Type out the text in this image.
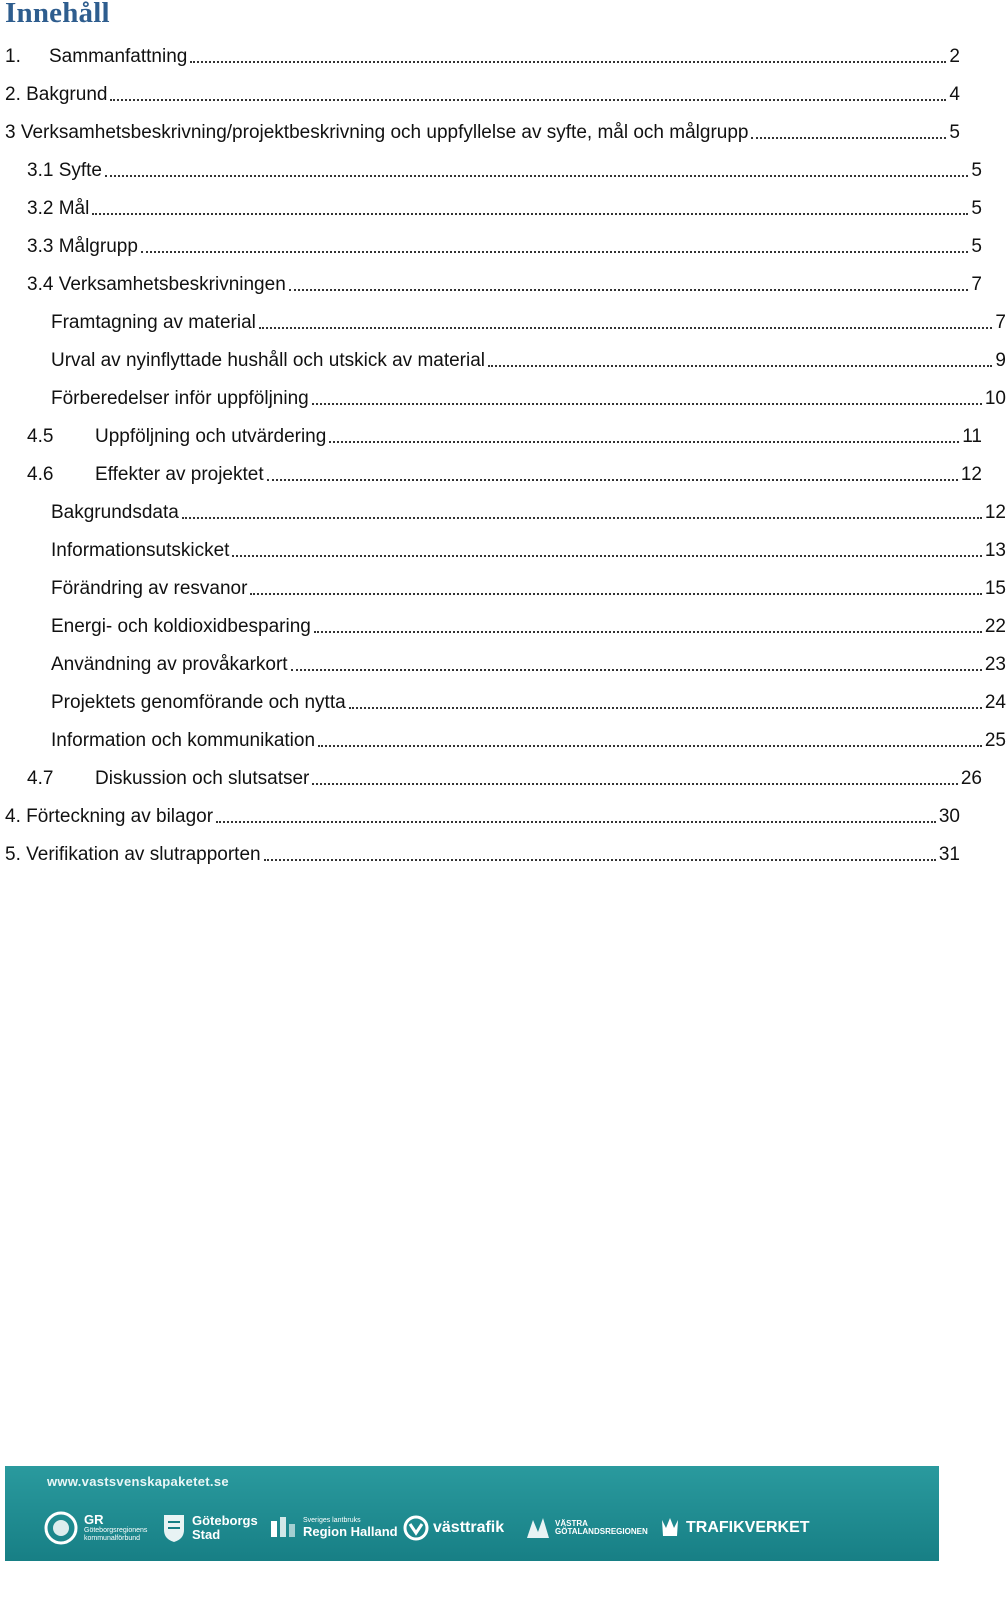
Innehåll
1.	Sammanfattning	2
2. Bakgrund	4
3 Verksamhetsbeskrivning/projektbeskrivning och uppfyllelse av syfte, mål och målgrupp	5
3.1 Syfte	5
3.2 Mål	5
3.3 Målgrupp	5
3.4 Verksamhetsbeskrivningen	7
Framtagning av material	7
Urval av nyinflyttade hushåll och utskick av material	9
Förberedelser inför uppföljning	10
4.5	Uppföljning och utvärdering	11
4.6	Effekter av projektet	12
Bakgrundsdata	12
Informationsutskicket	13
Förändring av resvanor	15
Energi- och koldioxidbesparing	22
Användning av provåkarkort	23
Projektets genomförande och nytta	24
Information och kommunikation	25
4.7	Diskussion och slutsatser	26
4. Förteckning av bilagor	30
5. Verifikation av slutrapporten	31
www.vastsvenskapaketet.se
GR
Göteborgsregionens kommunalförbund
Göteborgs Stad
Sveriges lantbruks
Region Halland västtrafik	VÄSTRA GÖTALANDSREGIONEN TRAFIKVERKET
